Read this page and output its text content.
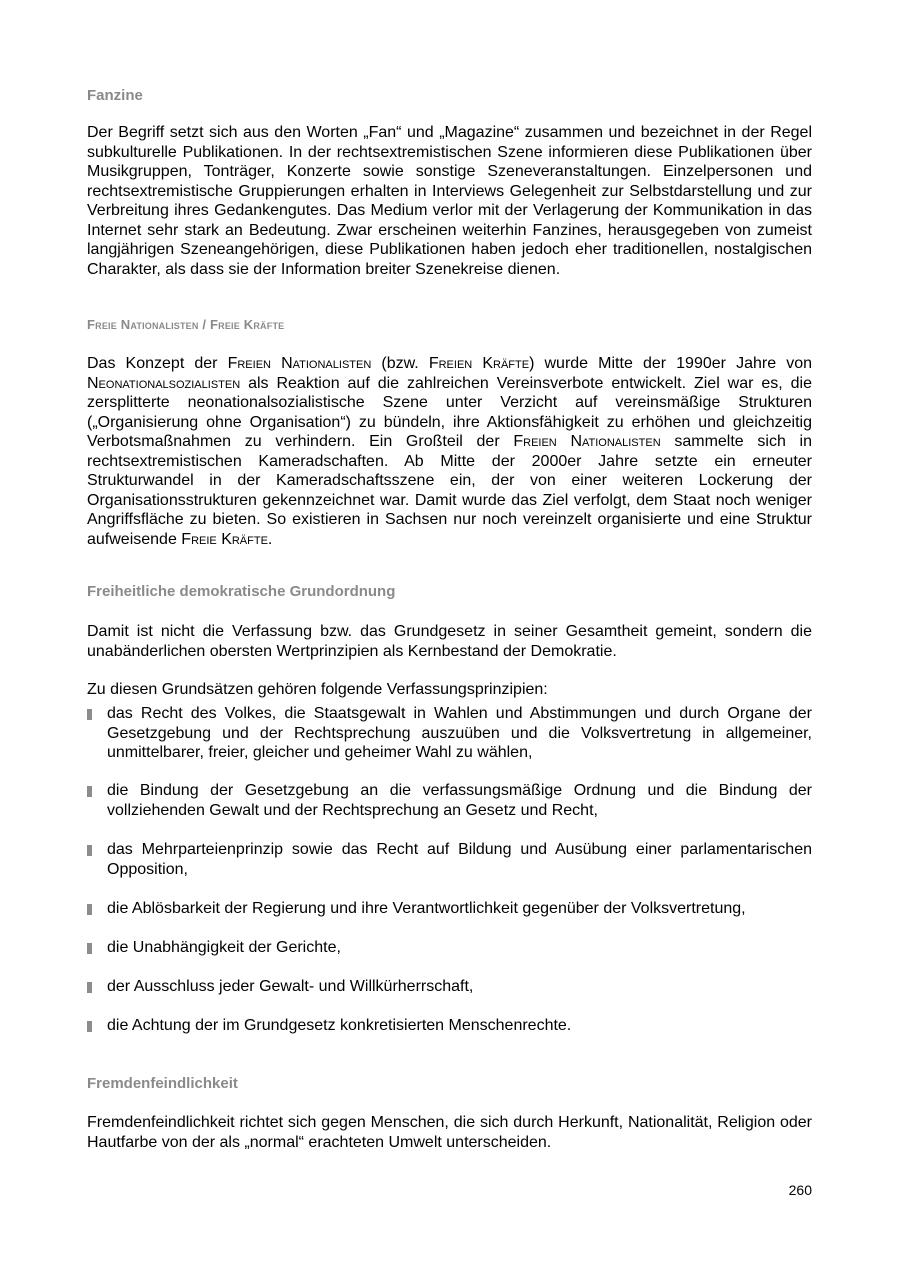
Fanzine
Der Begriff setzt sich aus den Worten „Fan“ und „Magazine“ zusammen und bezeichnet in der Regel subkulturelle Publikationen. In der rechtsextremistischen Szene informieren diese Publikationen über Musikgruppen, Tonträger, Konzerte sowie sonstige Szeneveranstaltungen. Einzelpersonen und rechtsextremistische Gruppierungen erhalten in Interviews Gelegenheit zur Selbstdarstellung und zur Verbreitung ihres Gedankengutes. Das Medium verlor mit der Verlagerung der Kommunikation in das Internet sehr stark an Bedeutung. Zwar erscheinen weiterhin Fanzines, herausgegeben von zumeist langjährigen Szeneangehörigen, diese Publikationen haben jedoch eher traditionellen, nostalgischen Charakter, als dass sie der Information breiter Szenekreise dienen.
Freie Nationalisten / Freie Kräfte
Das Konzept der Freien Nationalisten (bzw. Freien Kräfte) wurde Mitte der 1990er Jahre von Neonationalsozialisten als Reaktion auf die zahlreichen Vereinsverbote entwickelt. Ziel war es, die zersplitterte neonationalsozialistische Szene unter Verzicht auf vereinsmäßige Strukturen („Organisierung ohne Organisation“) zu bündeln, ihre Aktionsfähigkeit zu erhöhen und gleichzeitig Verbotsmaßnahmen zu verhindern. Ein Großteil der Freien Nationalisten sammelte sich in rechtsextremistischen Kameradschaften. Ab Mitte der 2000er Jahre setzte ein erneuter Strukturwandel in der Kameradschaftsszene ein, der von einer weiteren Lockerung der Organisationsstrukturen gekennzeichnet war. Damit wurde das Ziel verfolgt, dem Staat noch weniger Angriffsfläche zu bieten. So existieren in Sachsen nur noch vereinzelt organisierte und eine Struktur aufweisende Freie Kräfte.
Freiheitliche demokratische Grundordnung
Damit ist nicht die Verfassung bzw. das Grundgesetz in seiner Gesamtheit gemeint, sondern die unabänderlichen obersten Wertprinzipien als Kernbestand der Demokratie.
Zu diesen Grundsätzen gehören folgende Verfassungsprinzipien:
das Recht des Volkes, die Staatsgewalt in Wahlen und Abstimmungen und durch Organe der Gesetzgebung und der Rechtsprechung auszuüben und die Volksvertretung in allgemeiner, unmittelbarer, freier, gleicher und geheimer Wahl zu wählen,
die Bindung der Gesetzgebung an die verfassungsmäßige Ordnung und die Bindung der vollziehenden Gewalt und der Rechtsprechung an Gesetz und Recht,
das Mehrparteienprinzip sowie das Recht auf Bildung und Ausübung einer parlamentarischen Opposition,
die Ablösbarkeit der Regierung und ihre Verantwortlichkeit gegenüber der Volksvertretung,
die Unabhängigkeit der Gerichte,
der Ausschluss jeder Gewalt- und Willkürherrschaft,
die Achtung der im Grundgesetz konkretisierten Menschenrechte.
Fremdenfeindlichkeit
Fremdenfeindlichkeit richtet sich gegen Menschen, die sich durch Herkunft, Nationalität, Religion oder Hautfarbe von der als „normal“ erachteten Umwelt unterscheiden.
260
